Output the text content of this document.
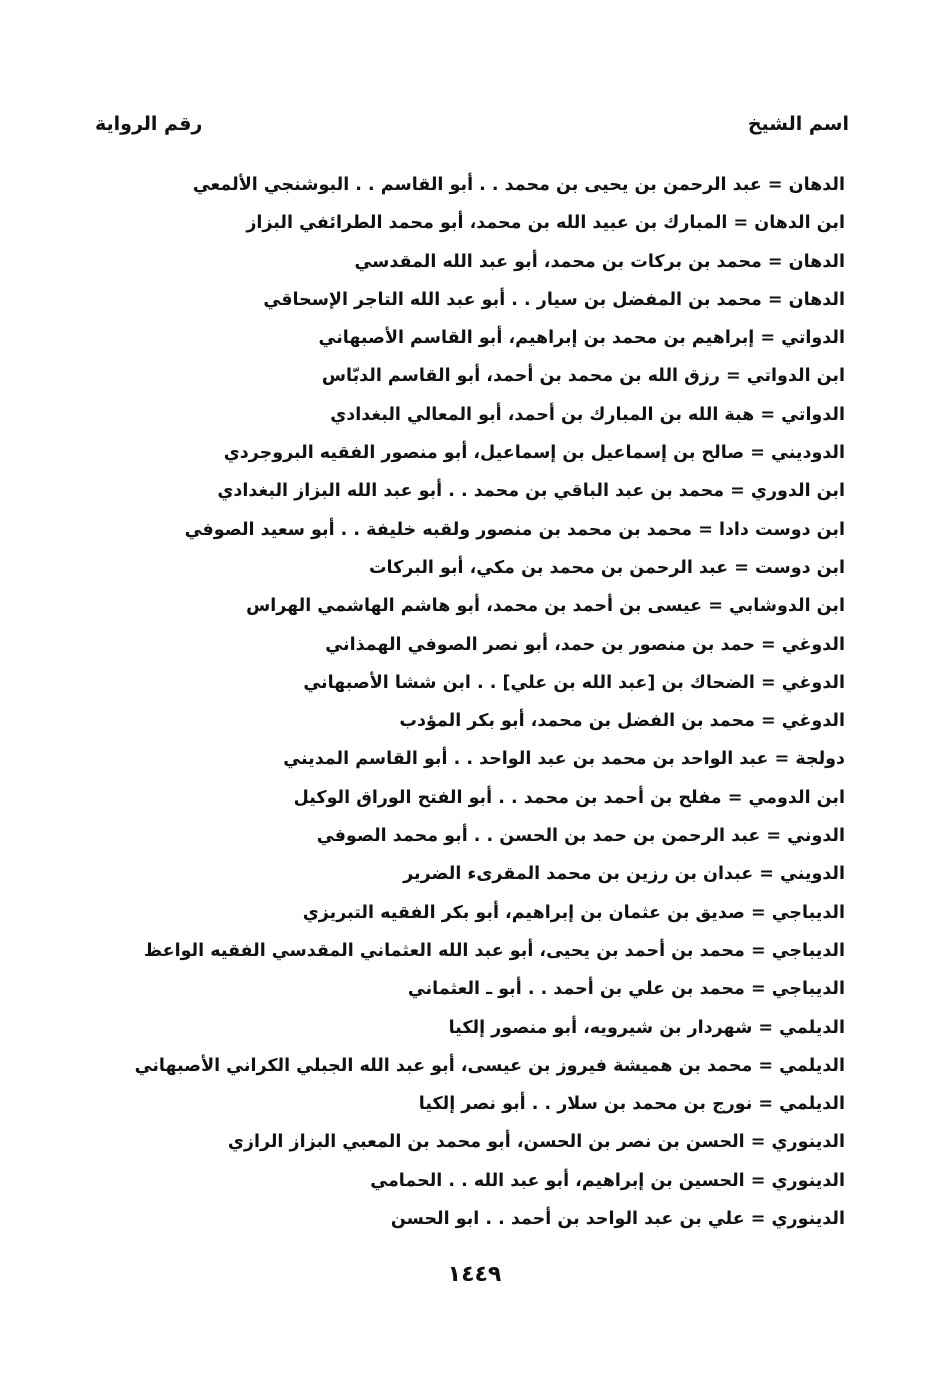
اسم الشيخ
رقم الرواية
الدهان = عبد الرحمن بن يحيى بن محمد . . أبو القاسم . . البوشنجي الألمعي
ابن الدهان = المبارك بن عبيد الله بن محمد، أبو محمد الطرائفي البزاز
الدهان = محمد بن بركات بن محمد، أبو عبد الله المقدسي
الدهان = محمد بن المفضل بن سيار . . أبو عبد الله التاجر الإسحاقي
الدواتي = إبراهيم بن محمد بن إبراهيم، أبو القاسم الأصبهاني
ابن الدواتي = رزق الله بن محمد بن أحمد، أبو القاسم الدبّاس
الدواتي = هبة الله بن المبارك بن أحمد، أبو المعالي البغدادي
الدوديني = صالح بن إسماعيل بن إسماعيل، أبو منصور الفقيه البروجردي
ابن الدوري = محمد بن عبد الباقي بن محمد . . أبو عبد الله البزاز البغدادي
ابن دوست دادا = محمد بن محمد بن منصور ولقبه خليفة . . أبو سعيد الصوفي
ابن دوست = عبد الرحمن بن محمد بن مكي، أبو البركات
ابن الدوشابي = عيسى بن أحمد بن محمد، أبو هاشم الهاشمي الهراس
الدوغي = حمد بن منصور بن حمد، أبو نصر الصوفي الهمذاني
الدوغي = الضحاك بن [عبد الله بن علي] . . ابن ششا الأصبهاني
الدوغي = محمد بن الفضل بن محمد، أبو بكر المؤدب
دولجة = عبد الواحد بن محمد بن عبد الواحد . . أبو القاسم المديني
ابن الدومي = مفلح بن أحمد بن محمد . . أبو الفتح الوراق الوكيل
الدوني = عبد الرحمن بن حمد بن الحسن . . أبو محمد الصوفي
الدويني = عبدان بن رزين بن محمد المقرىء الضرير
الديباجي = صديق بن عثمان بن إبراهيم، أبو بكر الفقيه التبريزي
الديباجي = محمد بن أحمد بن يحيى، أبو عبد الله العثماني المقدسي الفقيه الواعظ
الديباجي = محمد بن علي بن أحمد . . أبو ـ العثماني
الديلمي = شهردار بن شيرويه، أبو منصور إلكيا
الديلمي = محمد بن هميشة فيروز بن عيسى، أبو عبد الله الجبلي الكراني الأصبهاني
الديلمي = نورج بن محمد بن سلار . . أبو نصر إلكيا
الدينوري = الحسن بن نصر بن الحسن، أبو محمد بن المعبي البزاز الرازي
الدينوري = الحسين بن إبراهيم، أبو عبد الله . . الحمامي
الدينوري = علي بن عبد الواحد بن أحمد . . ابو الحسن
١٤٤٩
